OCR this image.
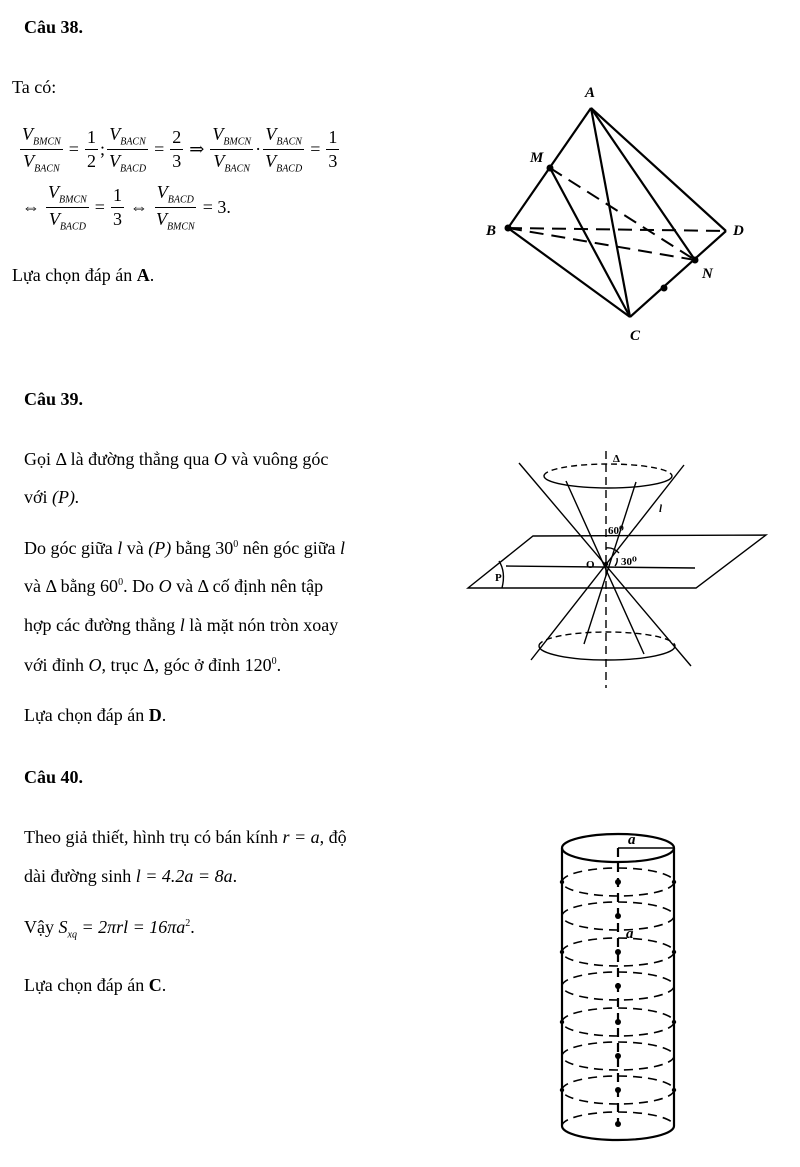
Câu 38.
Ta có:
$\frac{V_{BMCN}}{V_{BACN}} = \frac{1}{2}$ ; $\frac{V_{BACN}}{V_{BACD}} = \frac{2}{3}$ ⇒ $\frac{V_{BMCN}}{V_{BACN}} \cdot \frac{V_{BACN}}{V_{BACD}} = \frac{1}{3}$
⇔ $\frac{V_{BMCN}}{V_{BACD}} = \frac{1}{3}$ ⇔ $\frac{V_{BACD}}{V_{BMCN}} = 3$.
Lựa chọn đáp án A.
A
B
C
D
M
N
Câu 39.
Gọi Δ là đường thẳng qua O và vuông góc
với (P).
Do góc giữa l và (P) bằng $30^0$ nên góc giữa l
và Δ bằng $60^0$. Do O và Δ cố định nên tập
hợp các đường thẳng l là mặt nón tròn xoay
với đỉnh O, trục Δ, góc ở đỉnh $120^0$.
Lựa chọn đáp án D.
Δ
l
60⁰
30⁰
O
P
Câu 40.
Theo giả thiết, hình trụ có bán kính r = a, độ
dài đường sinh l = 4.2a = 8a.
Vậy $S_{xq} = 2\pi rl = 16\pi a^2$.
Lựa chọn đáp án C.
a
a
